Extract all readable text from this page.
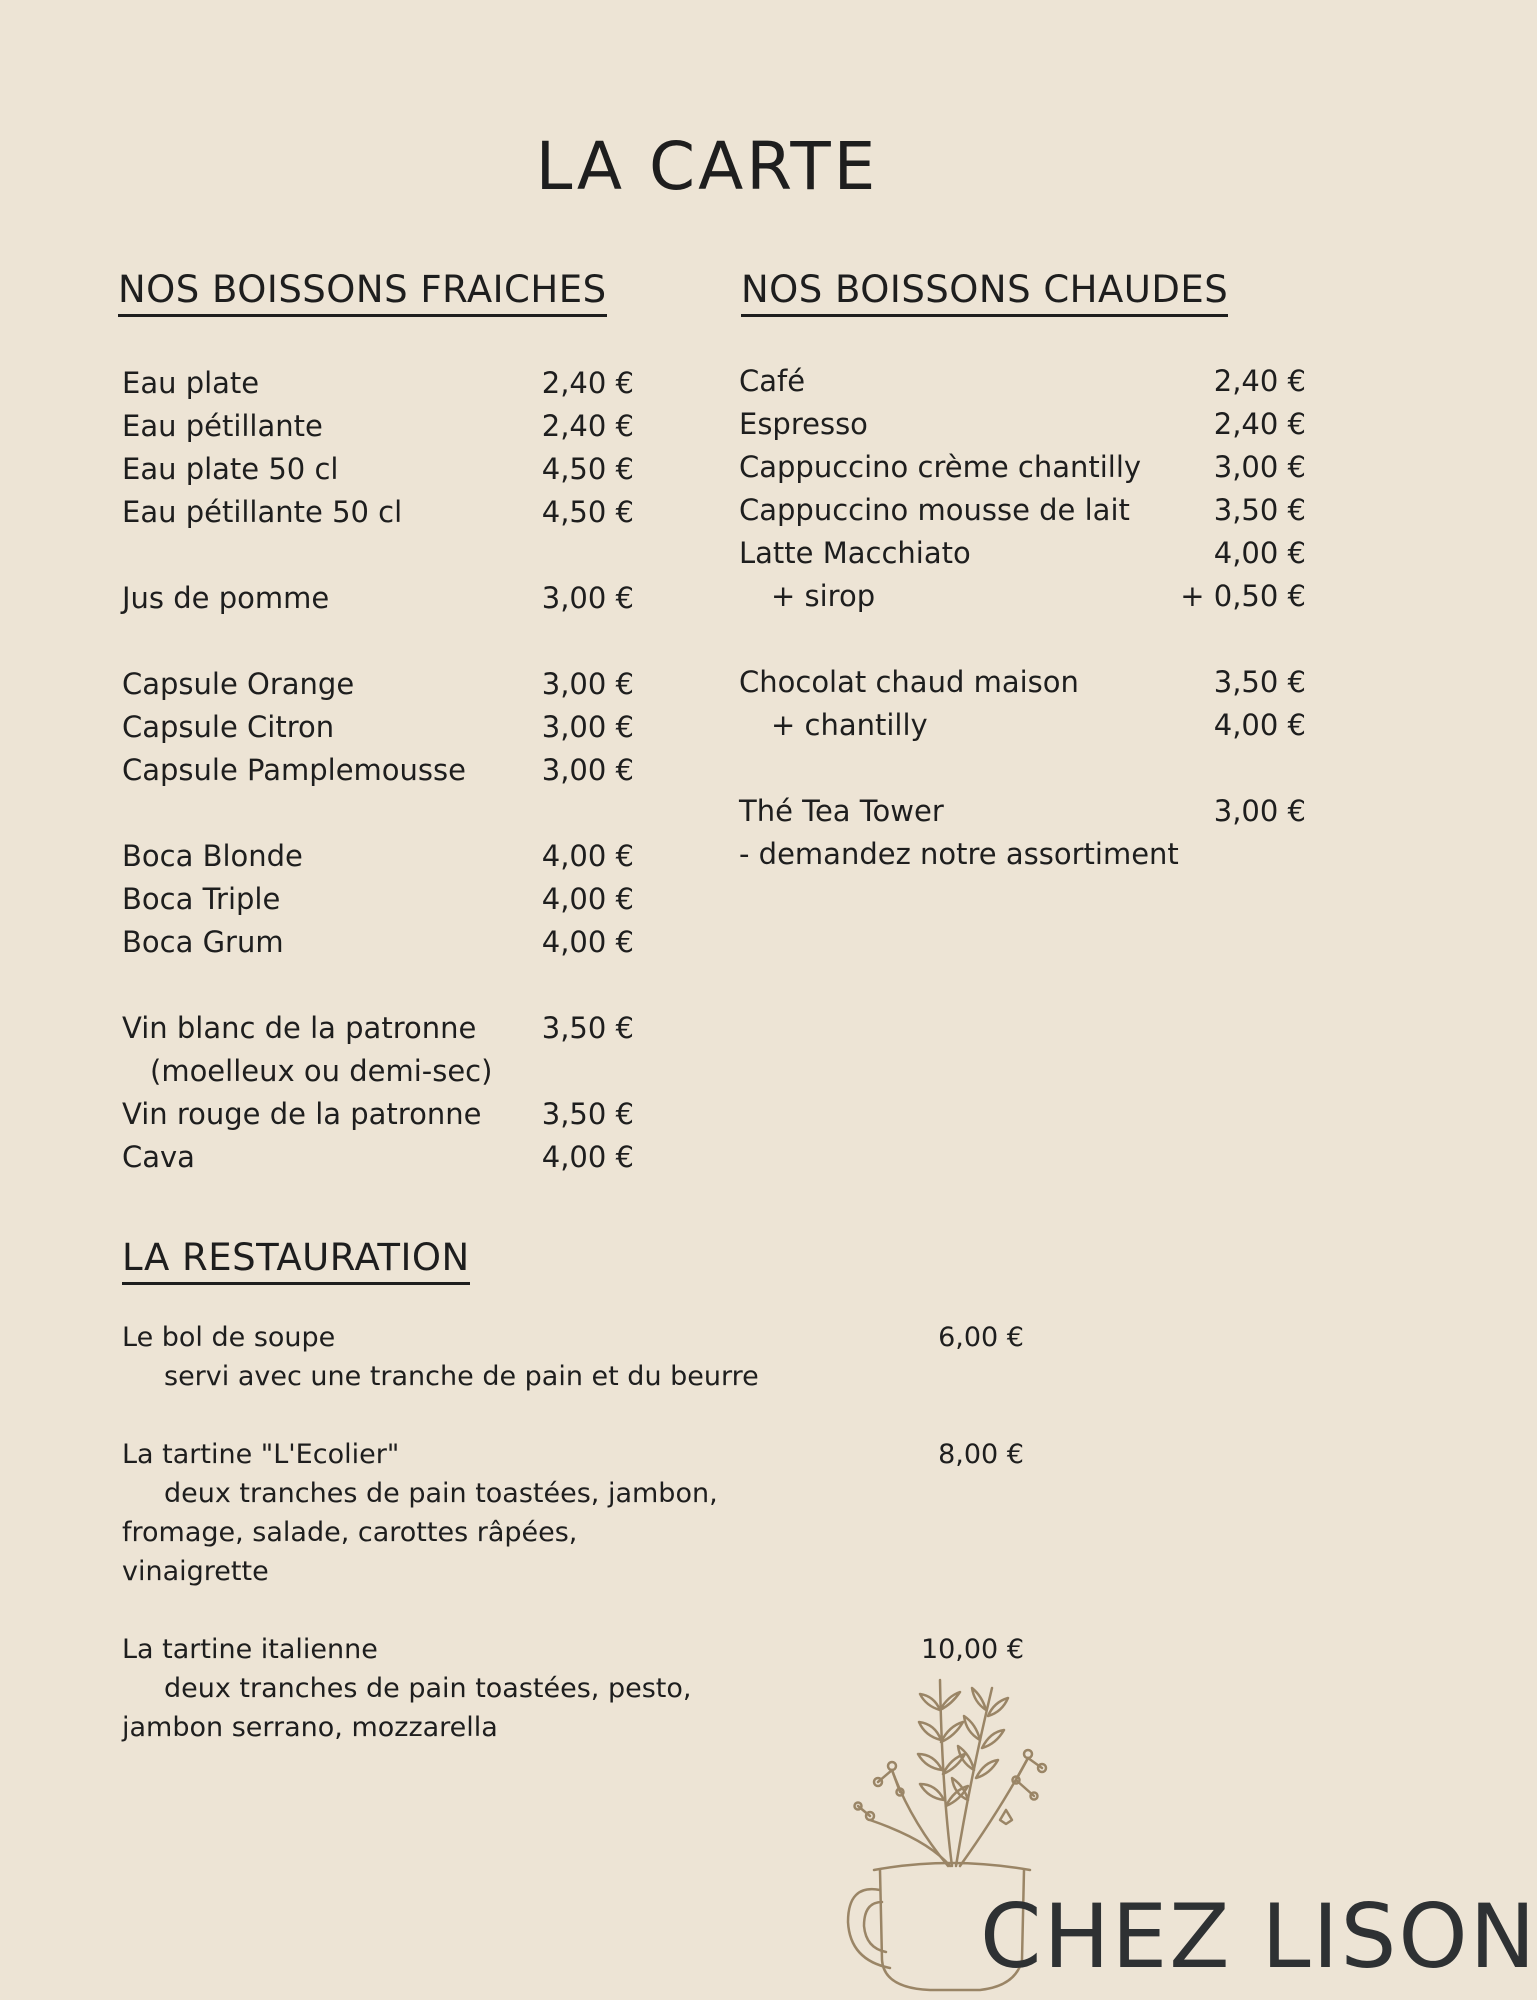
LA CARTE
NOS BOISSONS FRAICHES
Eau plate	2,40 €
Eau pétillante	2,40 €
Eau plate 50 cl	4,50 €
Eau pétillante 50 cl	4,50 €
Jus de pomme	3,00 €
Capsule Orange	3,00 €
Capsule Citron	3,00 €
Capsule Pamplemousse	3,00 €
Boca Blonde	4,00 €
Boca Triple	4,00 €
Boca Grum	4,00 €
Vin blanc de la patronne 3,50 €
(moelleux ou demi-sec)
Vin rouge de la patronne 3,50 €
Cava	4,00 €
NOS BOISSONS CHAUDES
Café	2,40 €
Espresso	2,40 €
Cappuccino crème chantilly	3,00 €
Cappuccino mousse de lait	3,50 €
Latte Macchiato	4,00 €
+ sirop	+ 0,50 €
Chocolat chaud maison	3,50 €
+ chantilly	4,00 €
Thé Tea Tower	3,00 €
- demandez notre assortiment
LA RESTAURATION
Le bol de soupe	6,00 €
servi avec une tranche de pain et du beurre
La tartine "L'Ecolier"	8,00 €
deux tranches de pain toastées, jambon, fromage, salade, carottes râpées, vinaigrette
La tartine italienne	10,00 €
deux tranches de pain toastées, pesto, jambon serrano, mozzarella
CHEZ LISON
